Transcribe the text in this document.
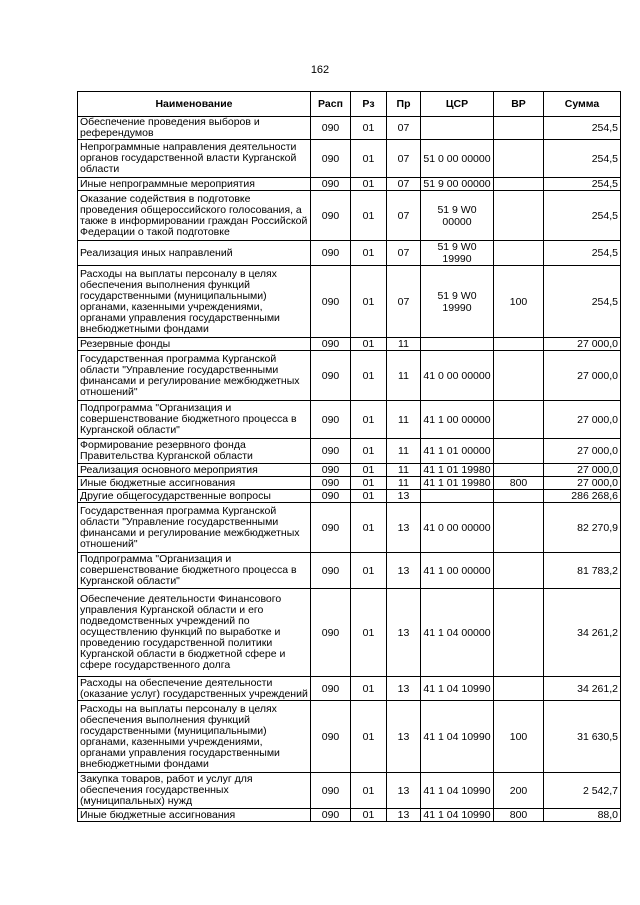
162
Наименование	Расп	Рз	Пр	ЦСР	ВР	Сумма
Обеспечение проведения выборов и референдумов	090	01	07			254,5
Непрограммные направления деятельности органов государственной власти Курганской области	090	01	07	51 0 00 00000		254,5
Иные непрограммные мероприятия	090	01	07	51 9 00 00000		254,5
Оказание содействия в подготовке проведения общероссийского голосования, а также в информировании граждан Российской Федерации о такой подготовке	090	01	07	51 9 W0 00000		254,5
Реализация иных направлений	090	01	07	51 9 W0 19990		254,5
Расходы на выплаты персоналу в целях обеспечения выполнения функций государственными (муниципальными) органами, казенными учреждениями, органами управления государственными внебюджетными фондами	090	01	07	51 9 W0 19990	100	254,5
Резервные фонды	090	01	11			27 000,0
Государственная программа Курганской области "Управление государственными финансами и регулирование межбюджетных отношений"	090	01	11	41 0 00 00000		27 000,0
Подпрограмма "Организация и совершенствование бюджетного процесса в Курганской области"	090	01	11	41 1 00 00000		27 000,0
Формирование резервного фонда Правительства Курганской области	090	01	11	41 1 01 00000		27 000,0
Реализация основного мероприятия	090	01	11	41 1 01 19980		27 000,0
Иные бюджетные ассигнования	090	01	11	41 1 01 19980	800	27 000,0
Другие общегосударственные вопросы	090	01	13			286 268,6
Государственная программа Курганской области "Управление государственными финансами и регулирование межбюджетных отношений"	090	01	13	41 0 00 00000		82 270,9
Подпрограмма "Организация и совершенствование бюджетного процесса в Курганской области"	090	01	13	41 1 00 00000		81 783,2
Обеспечение деятельности Финансового управления Курганской области и его подведомственных учреждений по осуществлению функций по выработке и проведению государственной политики Курганской области в бюджетной сфере и сфере государственного долга	090	01	13	41 1 04 00000		34 261,2
Расходы на обеспечение деятельности (оказание услуг) государственных учреждений	090	01	13	41 1 04 10990		34 261,2
Расходы на выплаты персоналу в целях обеспечения выполнения функций государственными (муниципальными) органами, казенными учреждениями, органами управления государственными внебюджетными фондами	090	01	13	41 1 04 10990	100	31 630,5
Закупка товаров, работ и услуг для обеспечения государственных (муниципальных) нужд	090	01	13	41 1 04 10990	200	2 542,7
Иные бюджетные ассигнования	090	01	13	41 1 04 10990	800	88,0
